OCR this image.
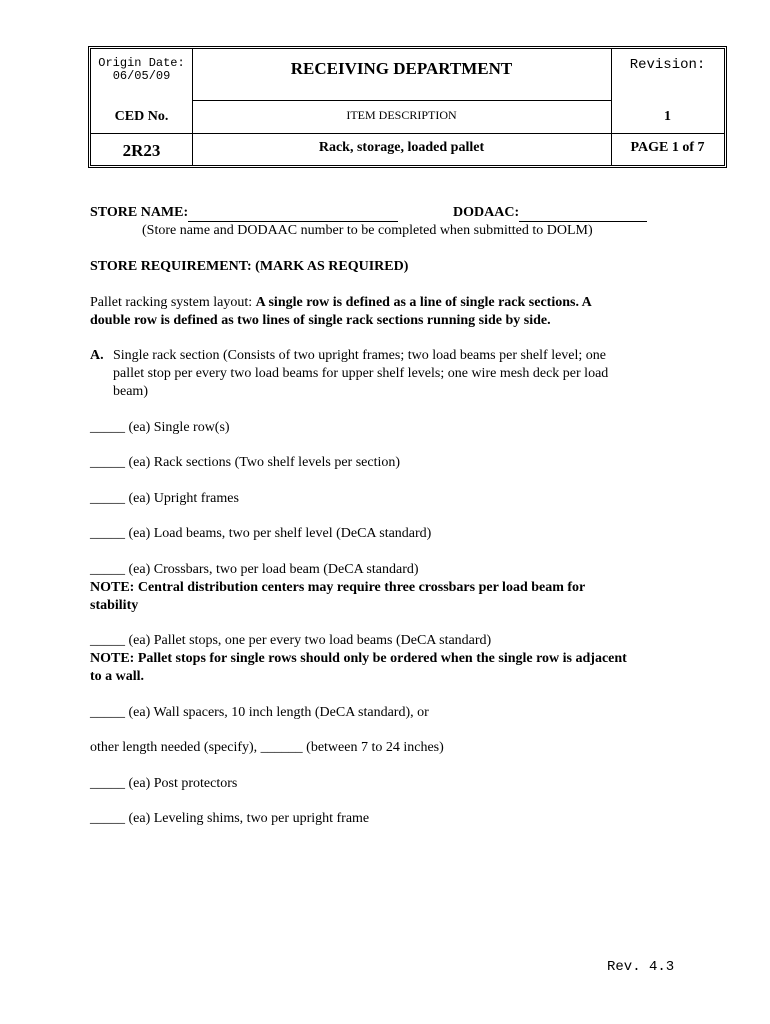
Origin Date:
06/05/09	RECEIVING DEPARTMENT	Revision:
CED No.	ITEM DESCRIPTION	1
2R23	Rack, storage, loaded pallet	PAGE 1 of 7
STORE NAME:	DODAAC:
(Store name and DODAAC number to be completed when submitted to DOLM)
STORE REQUIREMENT: (MARK AS REQUIRED)
Pallet racking system layout: A single row is defined as a line of single rack sections. A
double row is defined as two lines of single rack sections running side by side.
A. Single rack section (Consists of two upright frames; two load beams per shelf level; one
pallet stop per every two load beams for upper shelf levels; one wire mesh deck per load
beam)
_____ (ea) Single row(s)
_____ (ea) Rack sections (Two shelf levels per section)
_____ (ea) Upright frames
_____ (ea) Load beams, two per shelf level (DeCA standard)
_____ (ea) Crossbars, two per load beam (DeCA standard)
NOTE: Central distribution centers may require three crossbars per load beam for
stability
_____ (ea) Pallet stops, one per every two load beams (DeCA standard)
NOTE: Pallet stops for single rows should only be ordered when the single row is adjacent
to a wall.
_____ (ea) Wall spacers, 10 inch length (DeCA standard), or
other length needed (specify), ______ (between 7 to 24 inches)
_____ (ea) Post protectors
_____ (ea) Leveling shims, two per upright frame
Rev. 4.3
